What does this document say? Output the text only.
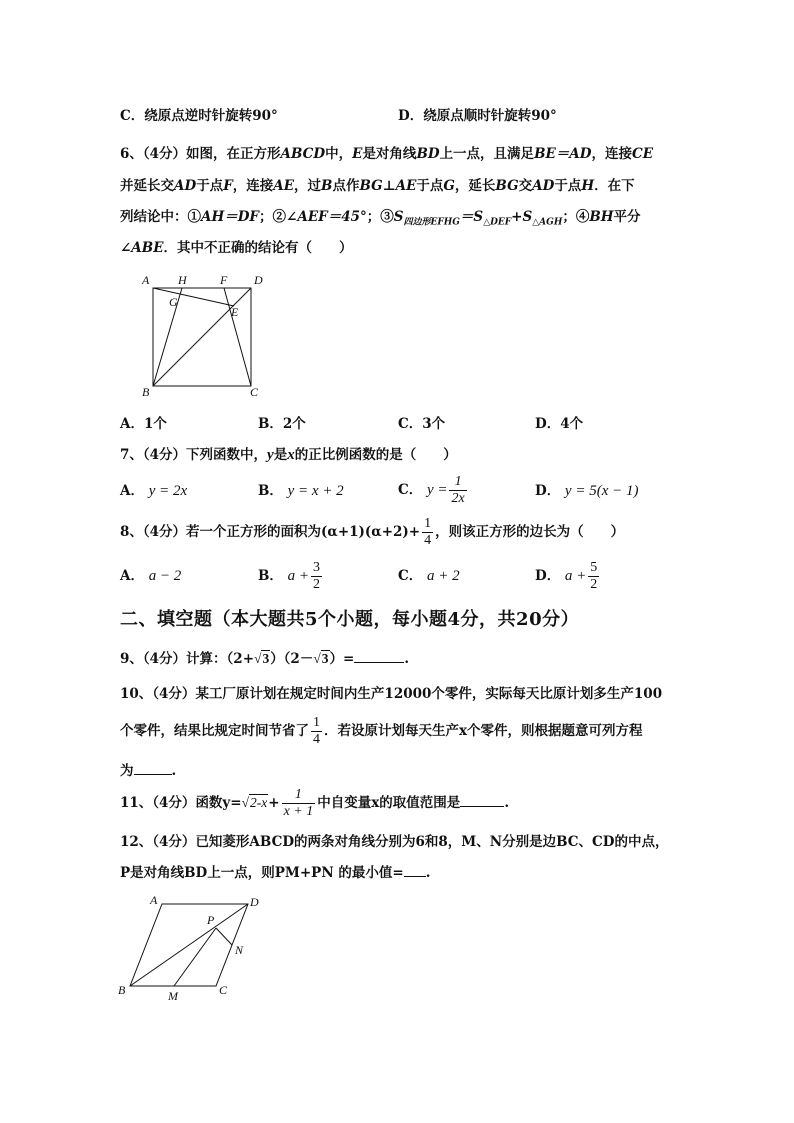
C．绕原点逆时针旋转90°	D．绕原点顺时针旋转90°
6、（4分）如图，在正方形ABCD中，E是对角线BD上一点，且满足BE＝AD，连接CE
并延长交AD于点F，连接AE，过B点作BG⊥AE于点G，延长BG交AD于点H．在下
列结论中：①AH＝DF；②∠AEF＝45°；$③S_{四边形EFHG}=S_{\triangle DEF}+S_{\triangle AGH}$；④BH平分
∠ABE．其中不正确的结论有（　　）
A H	F D
G
E
B	C
A．1个	B．2个	C．3个	D．4个
7、（4分）下列函数中，y是x的正比例函数的是（　　）
A． y = 2x	B． y = x + 2	C． $y = \frac{1}{2x}$	D． y = 5(x − 1)
8、（4分）若一个正方形的面积为$(\alpha+1)(\alpha+2)+ \frac{1}{4}$ ，则该正方形的边长为（　　）
A． a − 2	B． $a + \frac{3}{2}$	C． a + 2	D． $a + \frac{5}{2}$
二、填空题（本大题共5个小题，每小题4分，共20分）
9、（4分）计算：（2+√3）（2－√3）=	.
10、（4分）某工厂原计划在规定时间内生产12000个零件，实际每天比原计划多生产100
个零件，结果比规定时间节省了 $\frac{1}{4}$ ．若设原计划每天生产x个零件，则根据题意可列方程
为	.
11、（4分）函数$y=√2-x+ \frac{1}{x + 1}$ 中自变量x的取值范围是	.
12、（4分）已知菱形ABCD的两条对角线分别为6和8，M、N分别是边BC、CD的中点，
P是对角线BD上一点，则PM+PN 的最小值= .
A	D
P
N
B	M	C
